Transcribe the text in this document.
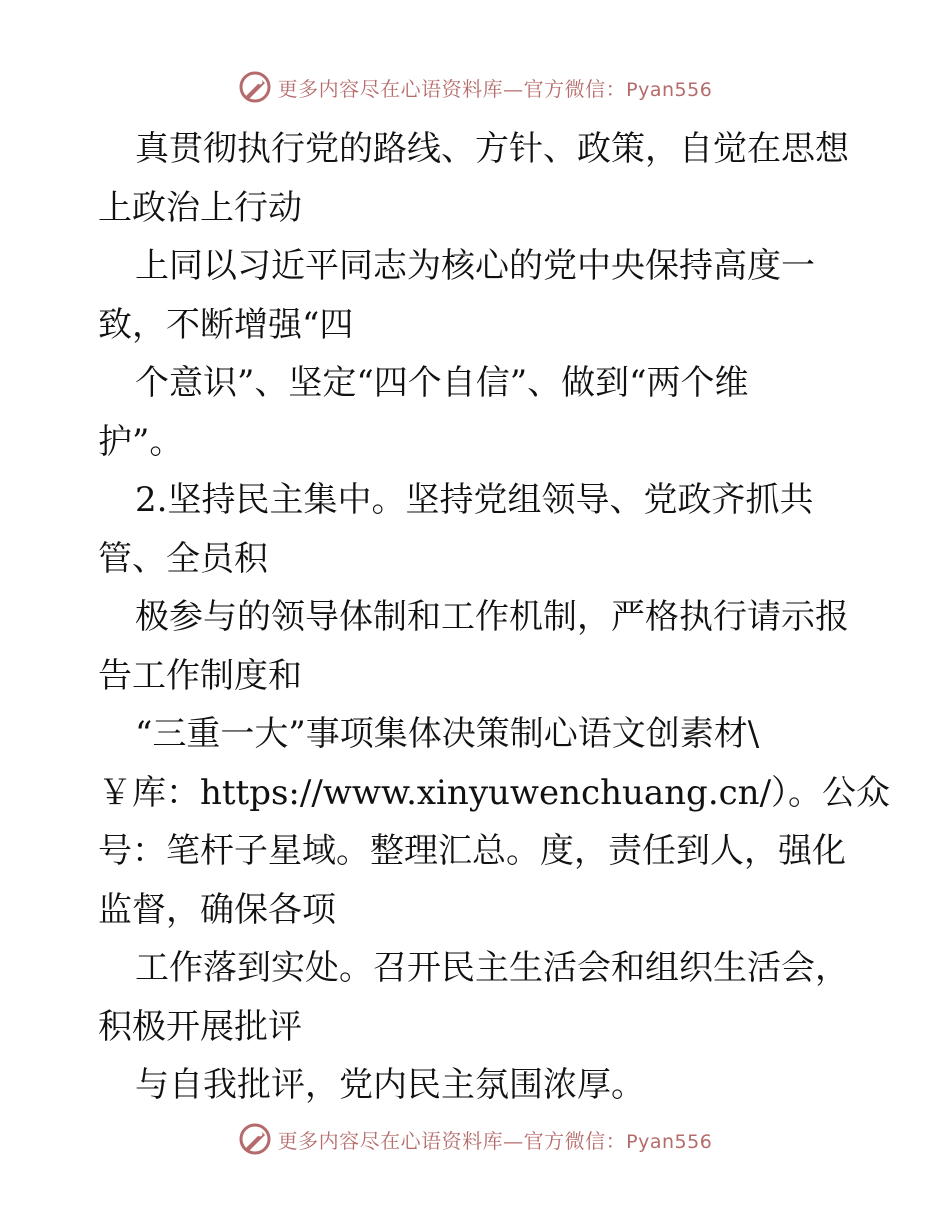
更多内容尽在心语资料库—官方微信：Pyan556
真贯彻执行党的路线、方针、政策，自觉在思想
上政治上行动
上同以习近平同志为核心的党中央保持高度一
致，不断增强“四
个意识”、坚定“四个自信”、做到“两个维
护”。
2.坚持民主集中。坚持党组领导、党政齐抓共
管、全员积
极参与的领导体制和工作机制，严格执行请示报
告工作制度和
“三重一大”事项集体决策制心语文创素材\
￥库：https://www.xinyuwenchuang.cn/）。公众
号：笔杆子星域。整理汇总。度，责任到人，强化
监督，确保各项
工作落到实处。召开民主生活会和组织生活会，
积极开展批评
与自我批评，党内民主氛围浓厚。
更多内容尽在心语资料库—官方微信：Pyan556
